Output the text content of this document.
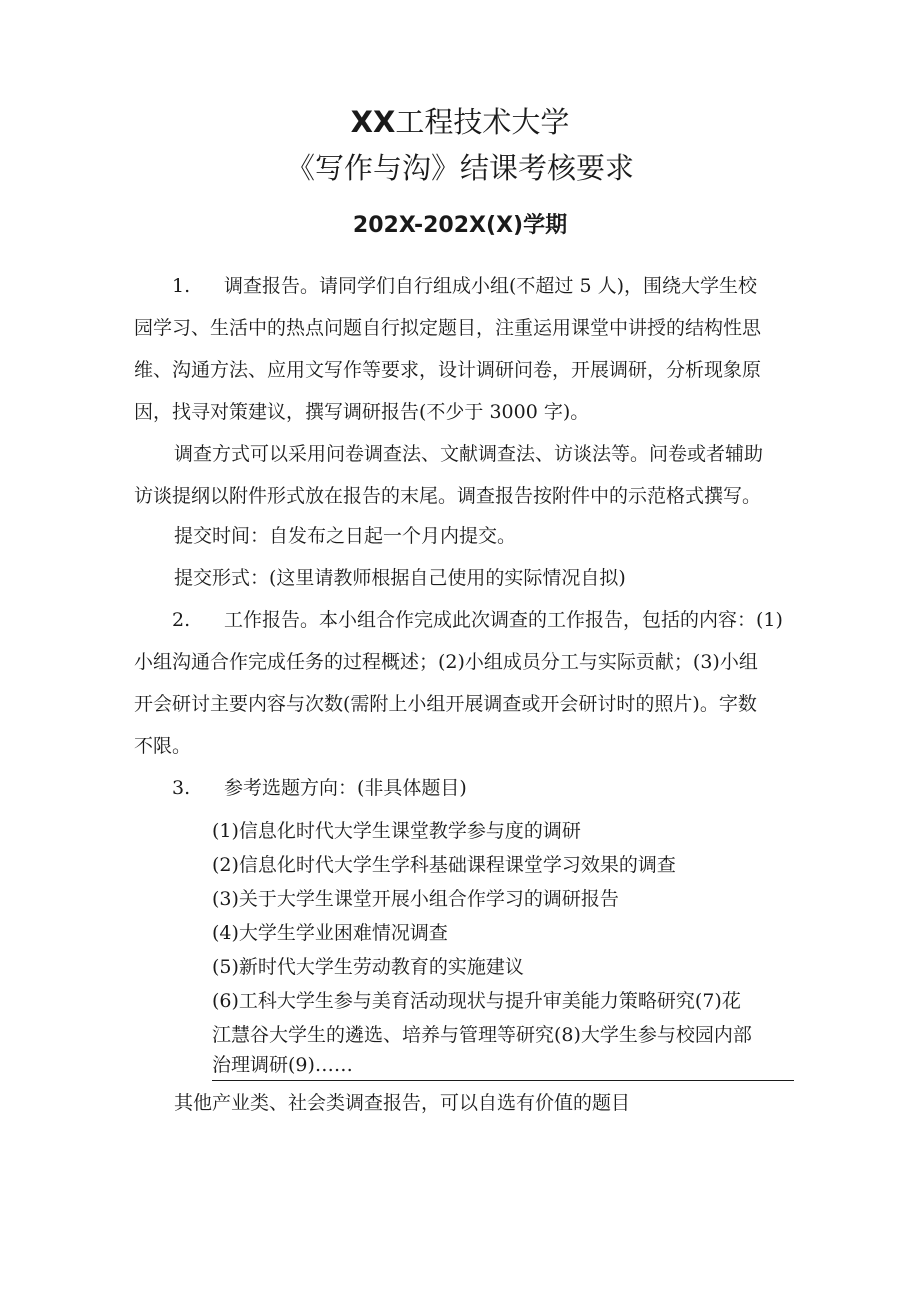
XX工程技术大学
《写作与沟》结课考核要求
202X-202X(X)学期
1. 调查报告。请同学们自行组成小组(不超过 5 人)，围绕大学生校
园学习、生活中的热点问题自行拟定题目，注重运用课堂中讲授的结构性思
维、沟通方法、应用文写作等要求，设计调研问卷，开展调研，分析现象原
因，找寻对策建议，撰写调研报告(不少于 3000 字)。
调查方式可以采用问卷调查法、文献调查法、访谈法等。问卷或者辅助
访谈提纲以附件形式放在报告的末尾。调查报告按附件中的示范格式撰写。
提交时间：自发布之日起一个月内提交。
提交形式：(这里请教师根据自己使用的实际情况自拟)
2. 工作报告。本小组合作完成此次调查的工作报告，包括的内容：(1)
小组沟通合作完成任务的过程概述；(2)小组成员分工与实际贡献；(3)小组
开会研讨主要内容与次数(需附上小组开展调查或开会研讨时的照片)。字数
不限。
3. 参考选题方向：(非具体题目)
(1)信息化时代大学生课堂教学参与度的调研
(2)信息化时代大学生学科基础课程课堂学习效果的调查
(3)关于大学生课堂开展小组合作学习的调研报告
(4)大学生学业困难情况调查
(5)新时代大学生劳动教育的实施建议
(6)工科大学生参与美育活动现状与提升审美能力策略研究(7)花
江慧谷大学生的遴选、培养与管理等研究(8)大学生参与校园内部
治理调研(9)……
其他产业类、社会类调查报告，可以自选有价值的题目
